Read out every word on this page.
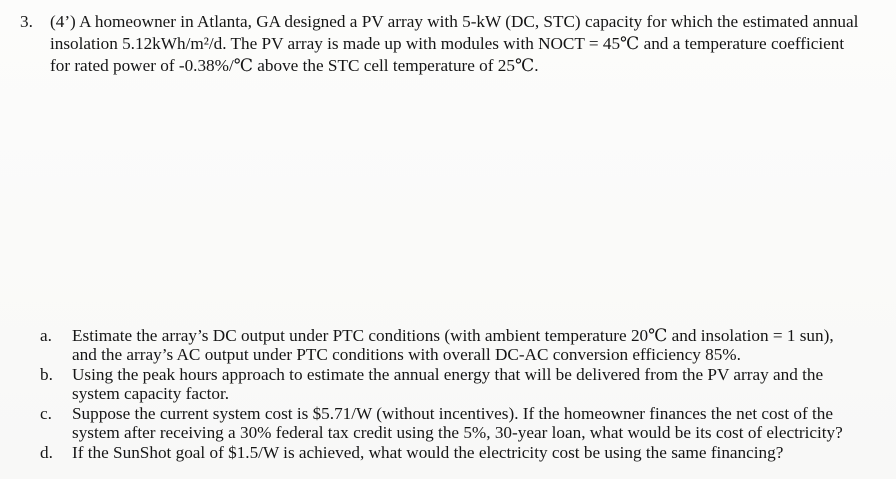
3. (4’) A homeowner in Atlanta, GA designed a PV array with 5-kW (DC, STC) capacity for which the estimated annual
insolation 5.12kWh/m²/d. The PV array is made up with modules with NOCT = 45℃ and a temperature coefficient
for rated power of -0.38%/℃ above the STC cell temperature of 25℃.
a. Estimate the array’s DC output under PTC conditions (with ambient temperature 20℃ and insolation = 1 sun),
and the array’s AC output under PTC conditions with overall DC-AC conversion efficiency 85%.
b. Using the peak hours approach to estimate the annual energy that will be delivered from the PV array and the
system capacity factor.
c. Suppose the current system cost is $5.71/W (without incentives). If the homeowner finances the net cost of the
system after receiving a 30% federal tax credit using the 5%, 30-year loan, what would be its cost of electricity?
d. If the SunShot goal of $1.5/W is achieved, what would the electricity cost be using the same financing?
